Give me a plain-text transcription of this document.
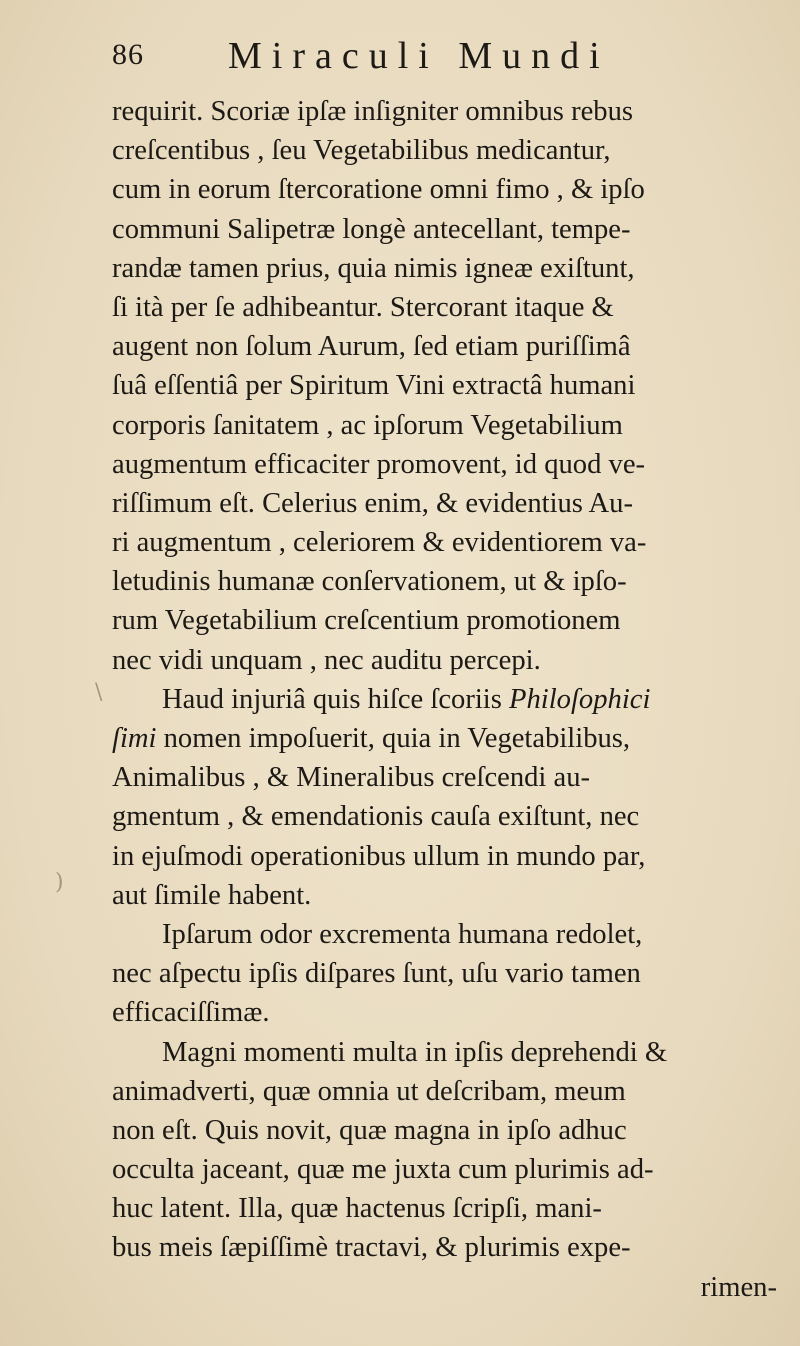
86 Miraculi Mundi
requirit. Scoriæ ipſæ inſigniter omnibus rebus
creſcentibus , ſeu Vegetabilibus medicantur,
cum in eorum ſtercoratione omni fimo , & ipſo
communi Salipetræ longè antecellant, tempe-
randæ tamen prius, quia nimis igneæ exiſtunt,
ſi ità per ſe adhibeantur. Stercorant itaque &
augent non ſolum Aurum, ſed etiam puriſſimâ
ſuâ eſſentiâ per Spiritum Vini extractâ humani
corporis ſanitatem , ac ipſorum Vegetabilium
augmentum efficaciter promovent, id quod ve-
riſſimum eſt. Celerius enim, & evidentius Au-
ri augmentum , celeriorem & evidentiorem va-
letudinis humanæ conſervationem, ut & ipſo-
rum Vegetabilium creſcentium promotionem
nec vidi unquam , nec auditu percepi.
Haud injuriâ quis hiſce ſcoriis Philoſophici
ſimi nomen impoſuerit, quia in Vegetabilibus,
Animalibus , & Mineralibus creſcendi au-
gmentum , & emendationis cauſa exiſtunt, nec
in ejuſmodi operationibus ullum in mundo par,
aut ſimile habent.
Ipſarum odor excrementa humana redolet,
nec aſpectu ipſis diſpares ſunt, uſu vario tamen
efficaciſſimæ.
Magni momenti multa in ipſis deprehendi &
animadverti, quæ omnia ut deſcribam, meum
non eſt. Quis novit, quæ magna in ipſo adhuc
occulta jaceant, quæ me juxta cum plurimis ad-
huc latent. Illa, quæ hactenus ſcripſi, mani-
bus meis ſæpiſſimè tractavi, & plurimis expe-
rimen-
)
\
